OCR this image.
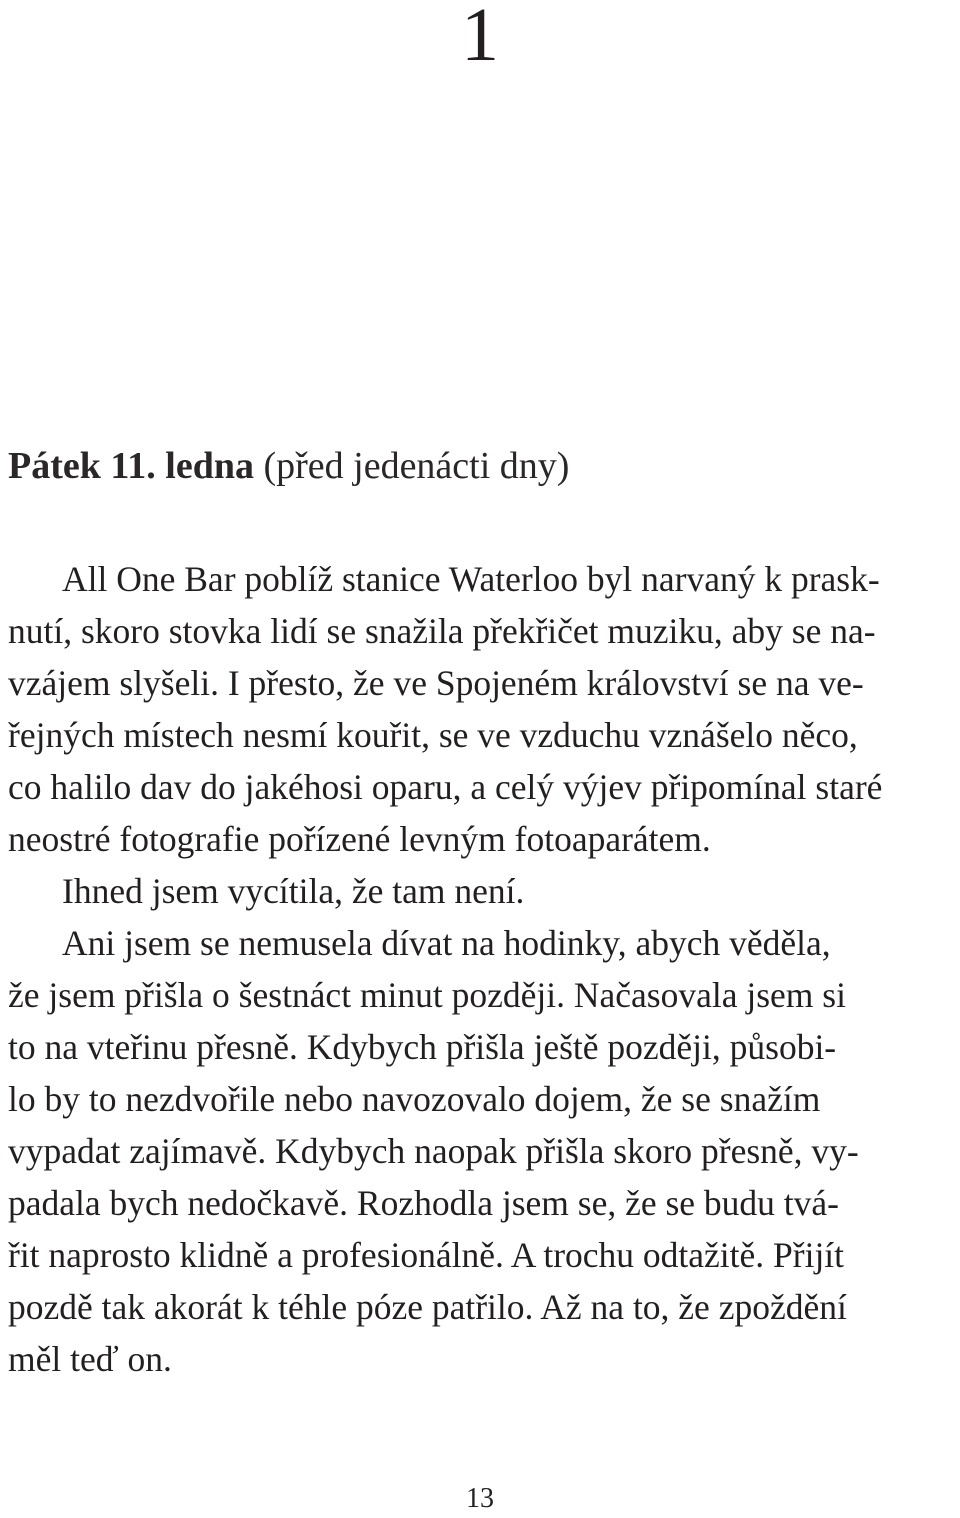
1
Pátek 11. ledna (před jedenácti dny)

All One Bar poblíž stanice Waterloo byl narvaný k prask-

nutí, skoro stovka lidí se snažila překřičet muziku, aby se na-

vzájem slyšeli. I přesto, že ve Spojeném království se na ve-

řejných místech nesmí kouřit, se ve vzduchu vznášelo něco,

co halilo dav do jakéhosi oparu, a celý výjev připomínal staré

neostré fotografie pořízené levným fotoaparátem.

Ihned jsem vycítila, že tam není.

Ani jsem se nemusela dívat na hodinky, abych věděla,

že jsem přišla o šestnáct minut později. Načasovala jsem si

to na vteřinu přesně. Kdybych přišla ještě později, působi-

lo by to nezdvořile nebo navozovalo dojem, že se snažím

vypadat zajímavě. Kdybych naopak přišla skoro přesně, vy-

padala bych nedočkavě. Rozhodla jsem se, že se budu tvá-

řit naprosto klidně a profesionálně. A trochu odtažitě. Přijít

pozdě tak akorát k téhle póze patřilo. Až na to, že zpoždění

měl teď on.

13
